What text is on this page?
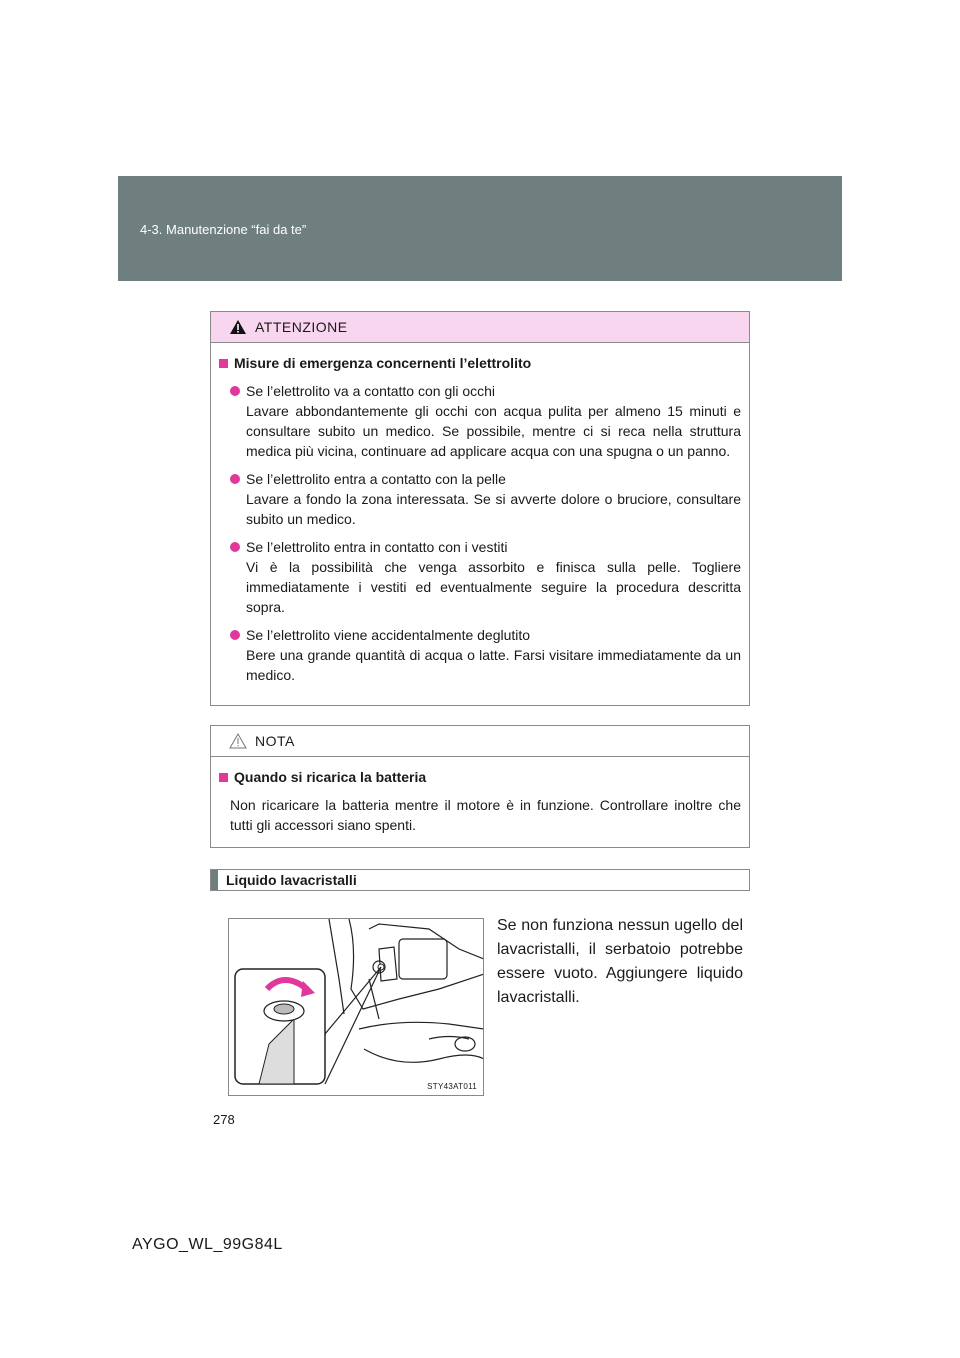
4-3. Manutenzione “fai da te”
ATTENZIONE
Misure di emergenza concernenti l’elettrolito
Se l’elettrolito va a contatto con gli occhi
Lavare abbondantemente gli occhi con acqua pulita per almeno 15 minuti e consultare subito un medico. Se possibile, mentre ci si reca nella struttura medica più vicina, continuare ad applicare acqua con una spugna o un panno.
Se l’elettrolito entra a contatto con la pelle
Lavare a fondo la zona interessata. Se si avverte dolore o bruciore, consultare subito un medico.
Se l’elettrolito entra in contatto con i vestiti
Vi è la possibilità che venga assorbito e finisca sulla pelle. Togliere immediatamente i vestiti ed eventualmente seguire la procedura descritta sopra.
Se l’elettrolito viene accidentalmente deglutito
Bere una grande quantità di acqua o latte. Farsi visitare immediatamente da un medico.
NOTA
Quando si ricarica la batteria
Non ricaricare la batteria mentre il motore è in funzione. Controllare inoltre che tutti gli accessori siano spenti.
Liquido lavacristalli
STY43AT011
Se non funziona nessun ugello del lavacristalli, il serbatoio potrebbe essere vuoto. Aggiungere liquido lavacristalli.
278
AYGO_WL_99G84L
